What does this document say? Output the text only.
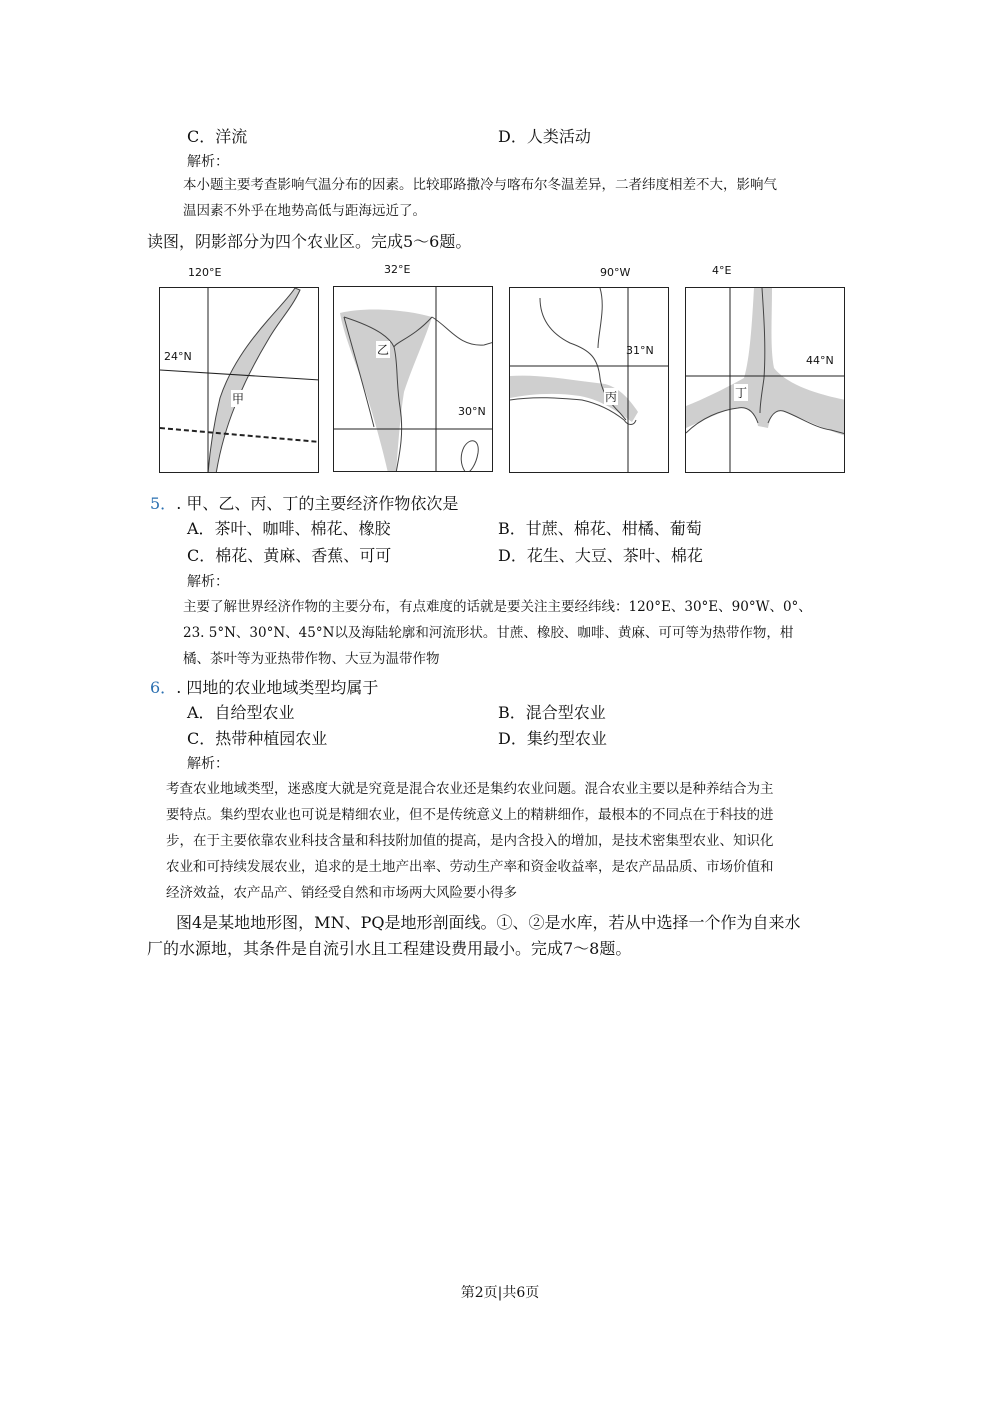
C．洋流	D．人类活动
解析：
本小题主要考查影响气温分布的因素。比较耶路撒冷与喀布尔冬温差异，二者纬度相差不大，影响气
温因素不外乎在地势高低与距海远近了。
读图，阴影部分为四个农业区。完成5～6题。
120°E	32°E	90°W	4°E
24°N
甲
30°N
乙	31°N
丙
44°N
丁
5．. 甲、乙、丙、丁的主要经济作物依次是
A．茶叶、咖啡、棉花、橡胶	B．甘蔗、棉花、柑橘、葡萄
C．棉花、黄麻、香蕉、可可	D．花生、大豆、茶叶、棉花
解析：
主要了解世界经济作物的主要分布，有点难度的话就是要关注主要经纬线：120°E、30°E、90°W、0°、
23. 5°N、30°N、45°N以及海陆轮廓和河流形状。甘蔗、橡胶、咖啡、黄麻、可可等为热带作物，柑
橘、茶叶等为亚热带作物、大豆为温带作物
6．. 四地的农业地域类型均属于
A．自给型农业	B．混合型农业
C．热带种植园农业	D．集约型农业
解析：
考查农业地域类型，迷惑度大就是究竟是混合农业还是集约农业问题。混合农业主要以是种养结合为主
要特点。集约型农业也可说是精细农业，但不是传统意义上的精耕细作，最根本的不同点在于科技的进
步，在于主要依靠农业科技含量和科技附加值的提高，是内含投入的增加，是技术密集型农业、知识化
农业和可持续发展农业，追求的是土地产出率、劳动生产率和资金收益率，是农产品品质、市场价值和
经济效益，农产品产、销经受自然和市场两大风险要小得多
图4是某地地形图，MN、PQ是地形剖面线。①、②是水库，若从中选择一个作为自来水
厂的水源地，其条件是自流引水且工程建设费用最小。完成7～8题。
第2页|共6页
